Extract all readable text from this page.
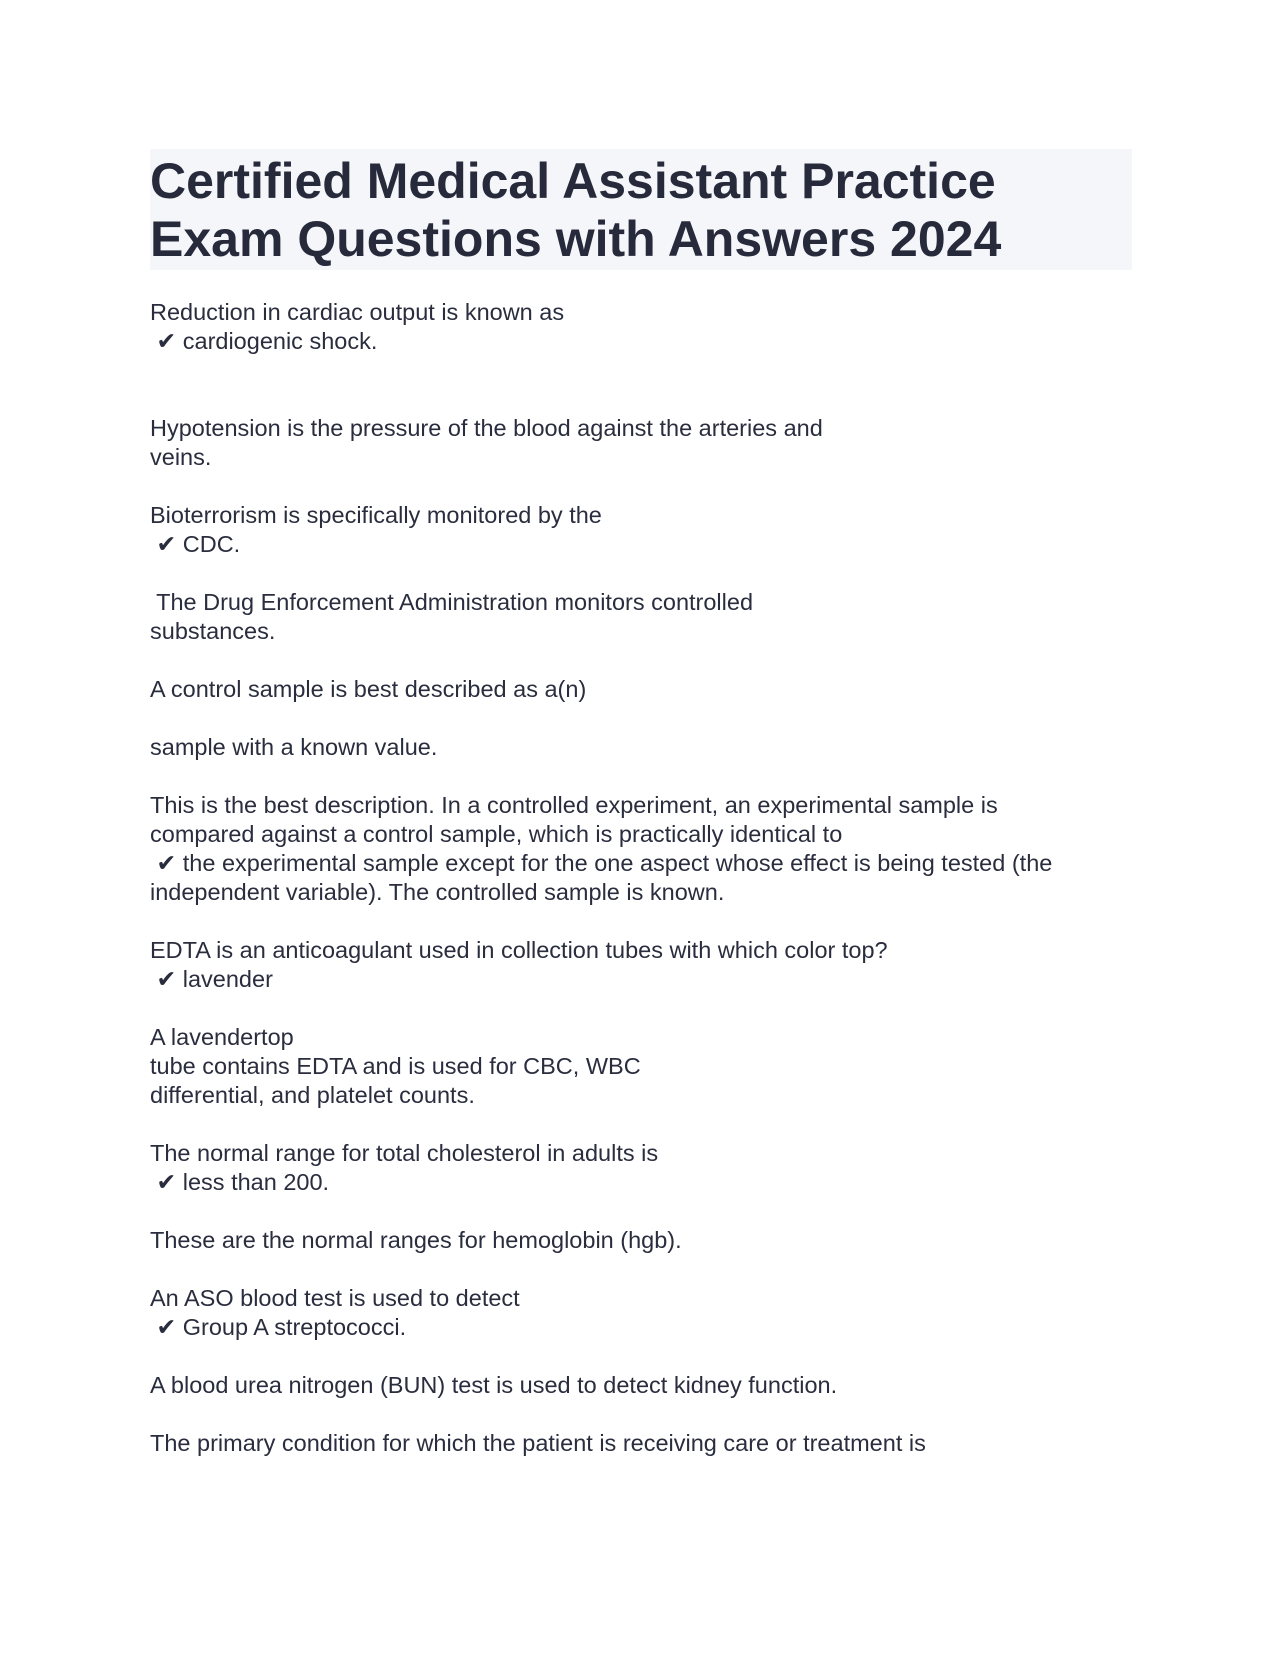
Certified Medical Assistant Practice
Exam Questions with Answers 2024
Reduction in cardiac output is known as
✔ cardiogenic shock.
Hypotension is the pressure of the blood against the arteries and
veins.
Bioterrorism is specifically monitored by the
✔ CDC.
The Drug Enforcement Administration monitors controlled
substances.
A control sample is best described as a(n)
sample with a known value.
This is the best description. In a controlled experiment, an experimental sample is
compared against a control sample, which is practically identical to
✔ the experimental sample except for the one aspect whose effect is being tested (the
independent variable). The controlled sample is known.
EDTA is an anticoagulant used in collection tubes with which color top?
✔ lavender
A lavendertop
tube contains EDTA and is used for CBC, WBC
differential, and platelet counts.
The normal range for total cholesterol in adults is
✔ less than 200.
These are the normal ranges for hemoglobin (hgb).
An ASO blood test is used to detect
✔ Group A streptococci.
A blood urea nitrogen (BUN) test is used to detect kidney function.
The primary condition for which the patient is receiving care or treatment is
